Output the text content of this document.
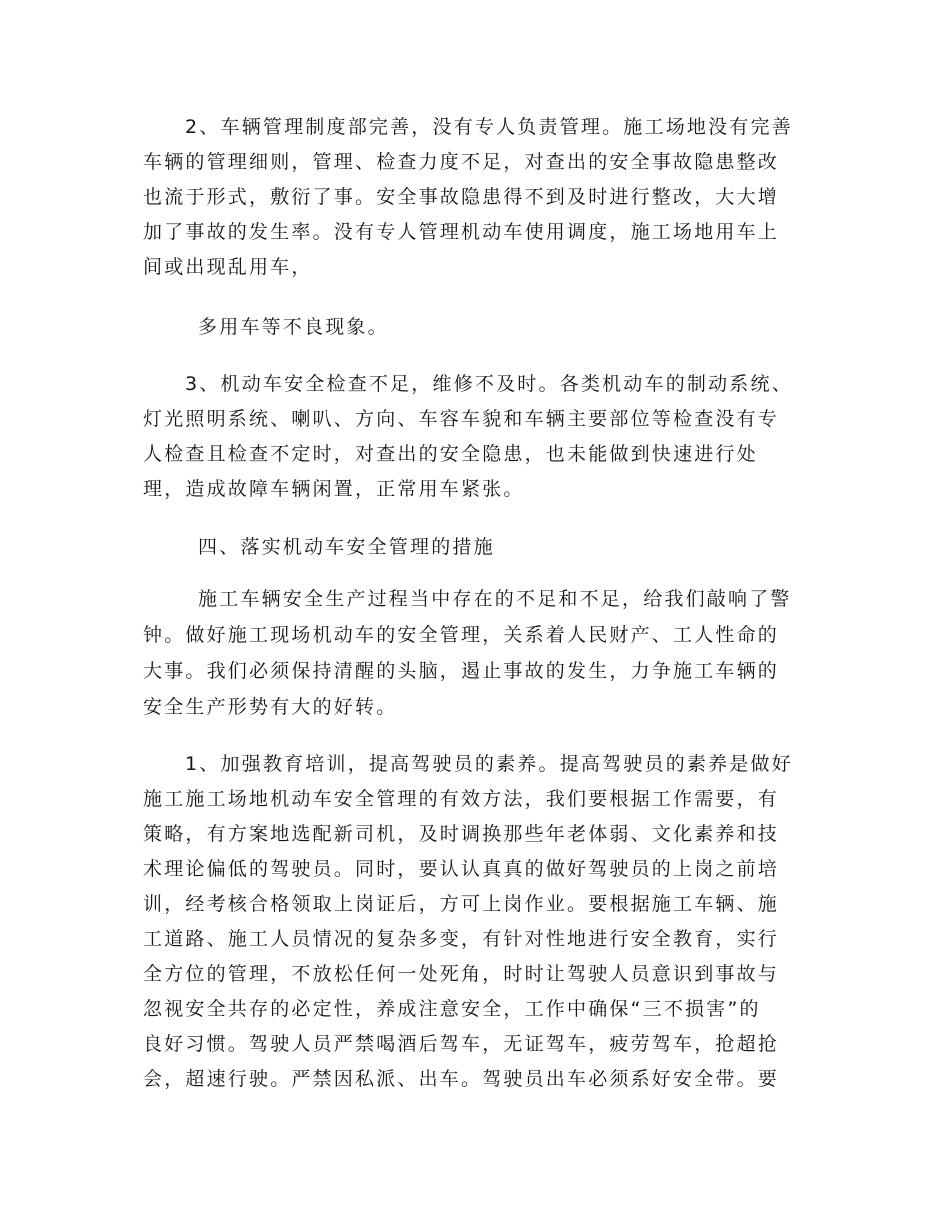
2、车辆管理制度部完善，没有专人负责管理。施工场地没有完善
车辆的管理细则，管理、检查力度不足，对查出的安全事故隐患整改
也流于形式，敷衍了事。安全事故隐患得不到及时进行整改，大大增
加了事故的发生率。没有专人管理机动车使用调度，施工场地用车上
间或出现乱用车，
多用车等不良现象。
3、机动车安全检查不足，维修不及时。各类机动车的制动系统、
灯光照明系统、喇叭、方向、车容车貌和车辆主要部位等检查没有专
人检查且检查不定时，对查出的安全隐患，也未能做到快速进行处
理，造成故障车辆闲置，正常用车紧张。
四、落实机动车安全管理的措施
施工车辆安全生产过程当中存在的不足和不足，给我们敲响了警
钟。做好施工现场机动车的安全管理，关系着人民财产、工人性命的
大事。我们必须保持清醒的头脑，遏止事故的发生，力争施工车辆的
安全生产形势有大的好转。
1、加强教育培训，提高驾驶员的素养。提高驾驶员的素养是做好
施工施工场地机动车安全管理的有效方法，我们要根据工作需要，有
策略，有方案地选配新司机，及时调换那些年老体弱、文化素养和技
术理论偏低的驾驶员。同时，要认认真真的做好驾驶员的上岗之前培
训，经考核合格领取上岗证后，方可上岗作业。要根据施工车辆、施
工道路、施工人员情况的复杂多变，有针对性地进行安全教育，实行
全方位的管理，不放松任何一处死角，时时让驾驶人员意识到事故与
忽视安全共存的必定性，养成注意安全，工作中确保“三不损害”的
良好习惯。驾驶人员严禁喝酒后驾车，无证驾车，疲劳驾车，抢超抢
会，超速行驶。严禁因私派、出车。驾驶员出车必须系好安全带。要
